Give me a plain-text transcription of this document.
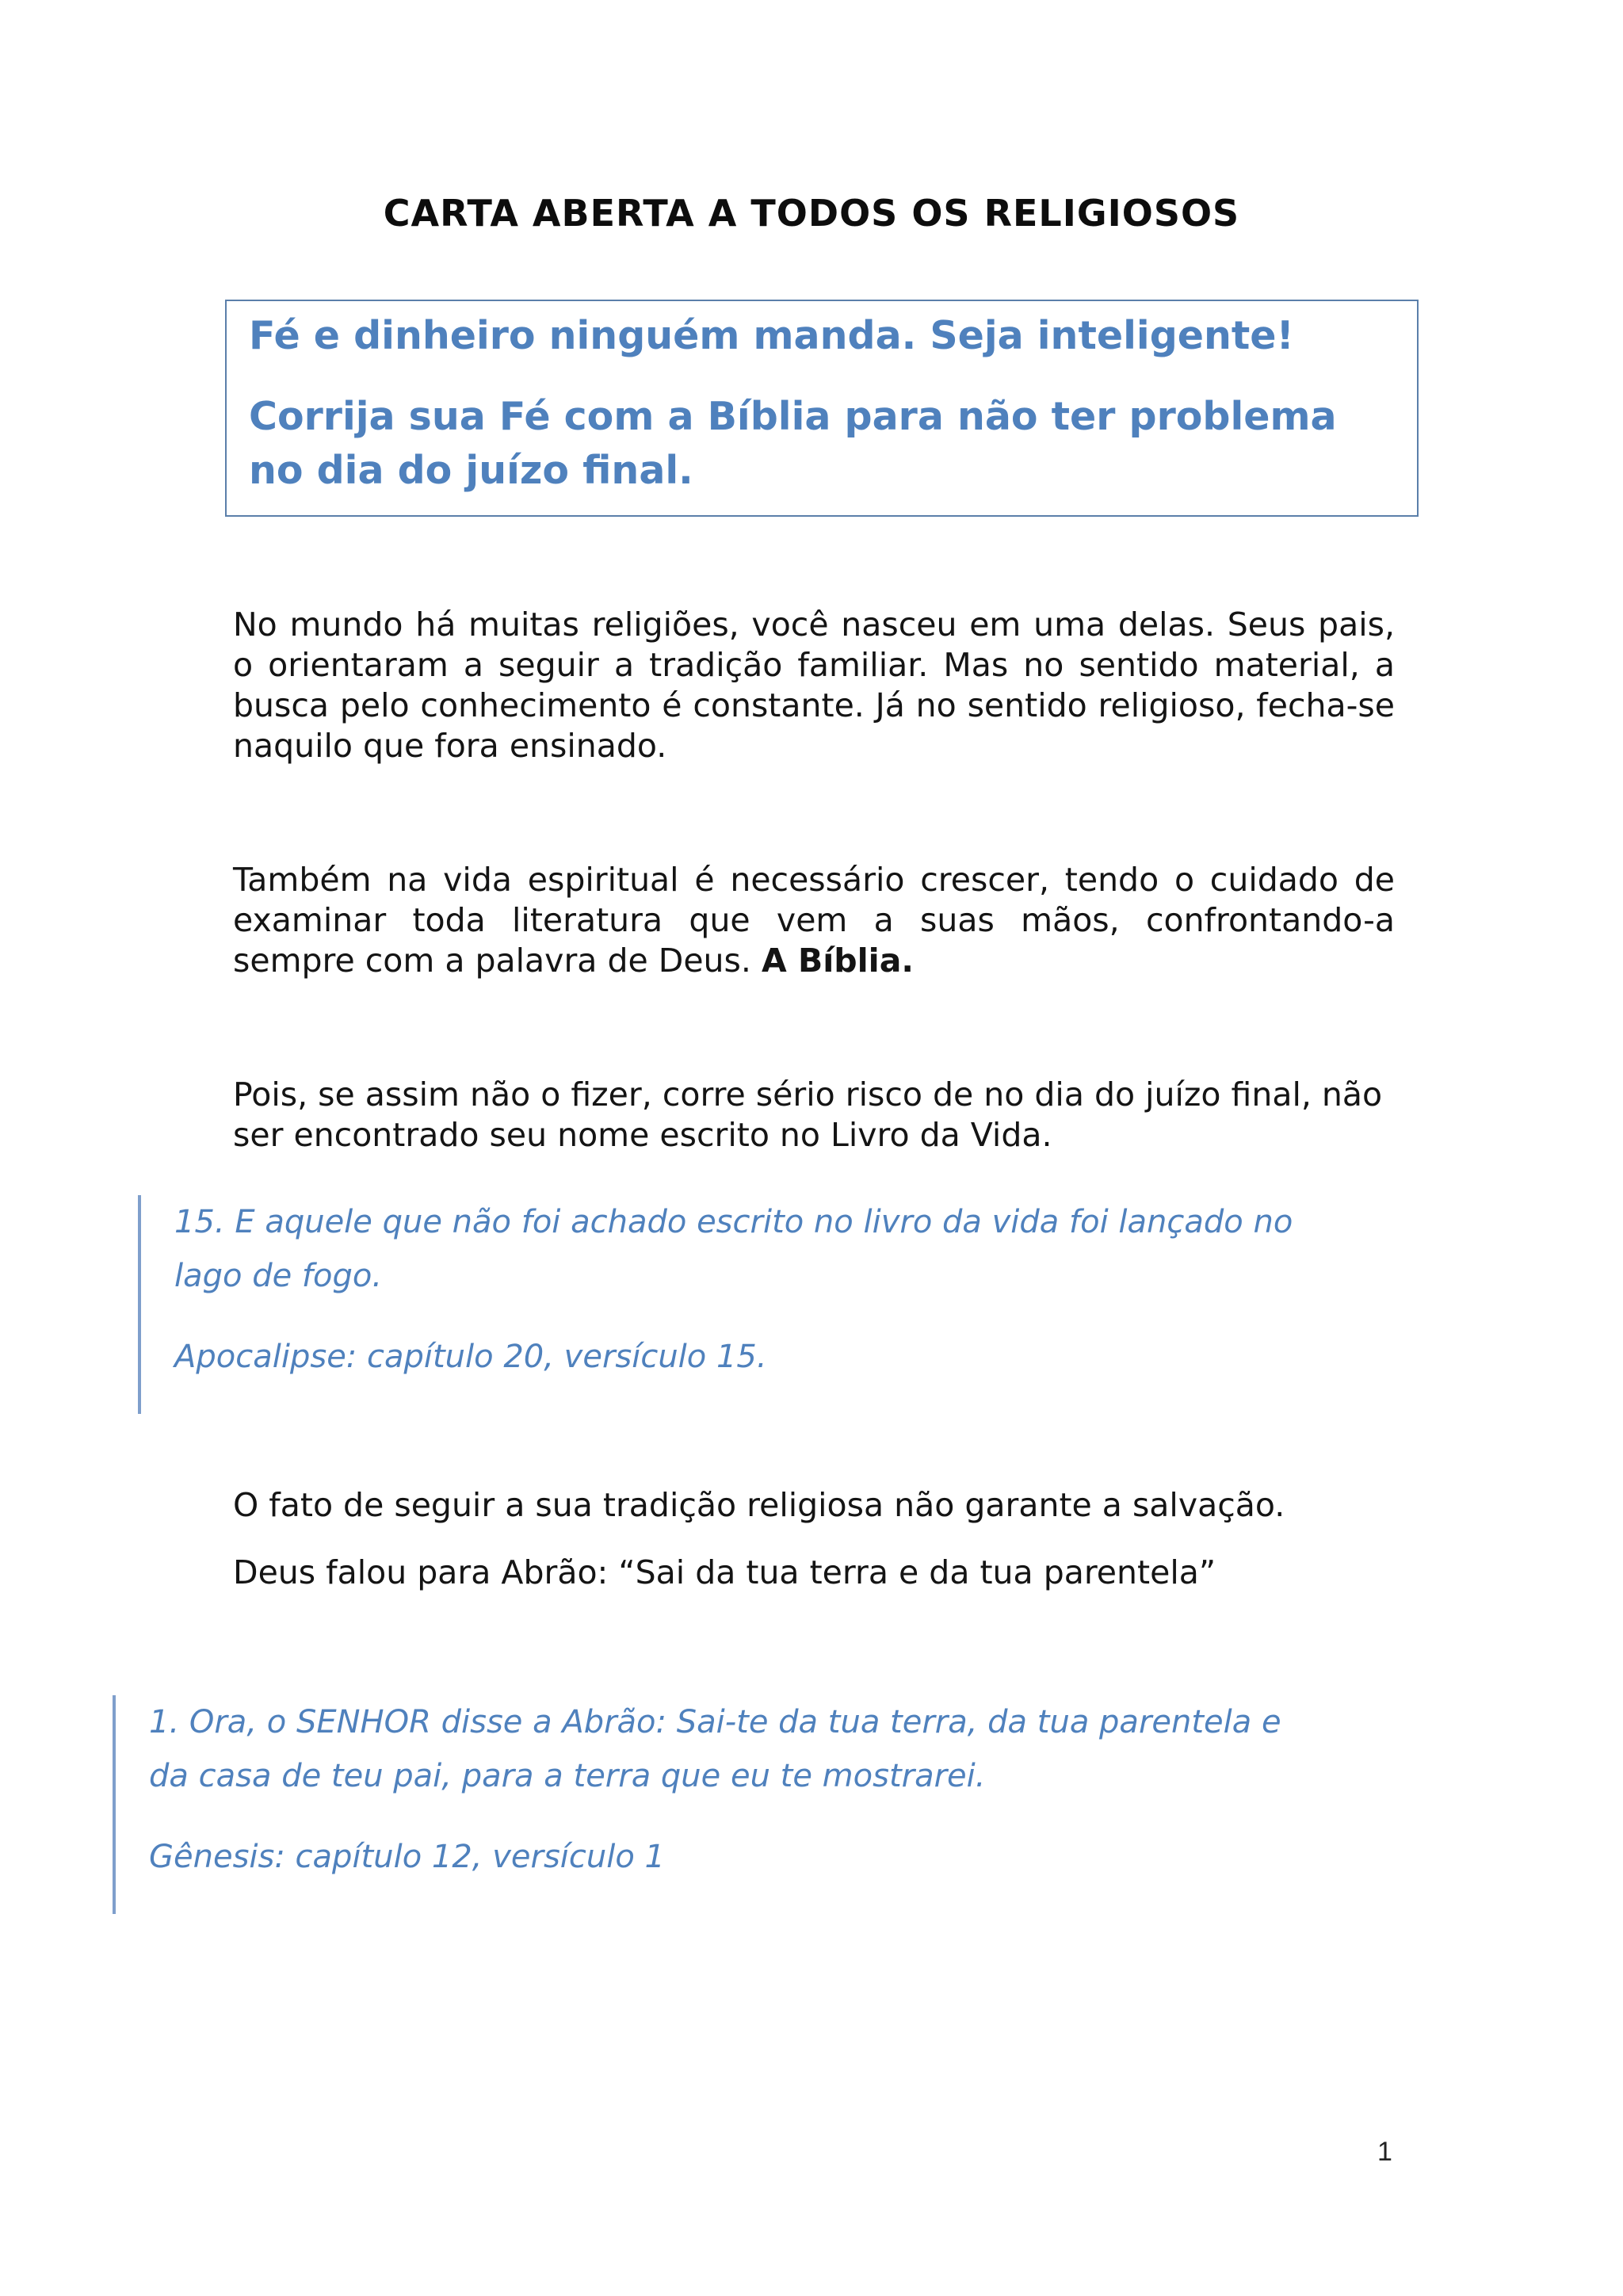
CARTA ABERTA A TODOS OS RELIGIOSOS

Fé e dinheiro ninguém manda. Seja inteligente!

Corrija sua Fé com a Bíblia para não ter problema no dia do juízo final.

No mundo há muitas religiões, você nasceu em uma delas. Seus pais, o orientaram a seguir a tradição familiar. Mas no sentido material, a busca pelo conhecimento é constante. Já no sentido religioso, fecha-se naquilo que fora ensinado.

Também na vida espiritual é necessário crescer, tendo o cuidado de examinar toda literatura que vem a suas mãos, confrontando-a sempre com a palavra de Deus. A Bíblia.

Pois, se assim não o fizer, corre sério risco de no dia do juízo final, não ser encontrado seu nome escrito no Livro da Vida.

15. E aquele que não foi achado escrito no livro da vida foi lançado no lago de fogo.

Apocalipse: capítulo 20, versículo 15.

O fato de seguir a sua tradição religiosa não garante a salvação.

Deus falou para Abrão: “Sai da tua terra e da tua parentela”

1. Ora, o SENHOR disse a Abrão: Sai-te da tua terra, da tua parentela e da casa de teu pai, para a terra que eu te mostrarei.

Gênesis: capítulo 12, versículo 1

1
